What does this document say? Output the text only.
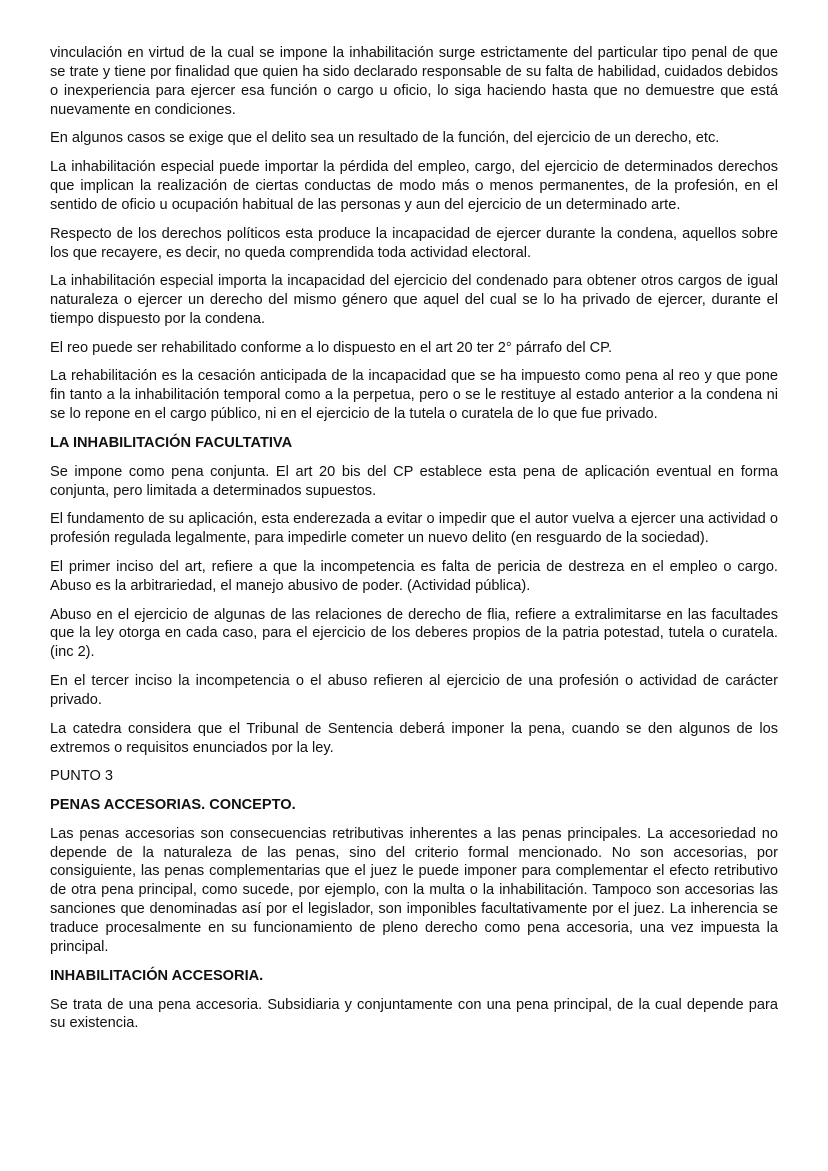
vinculación en virtud de la cual se impone la inhabilitación surge estrictamente del particular tipo penal de que se trate y tiene por finalidad que quien ha sido declarado responsable de su falta de habilidad, cuidados debidos o inexperiencia para ejercer esa función o cargo u oficio, lo siga haciendo hasta que no demuestre que está nuevamente en condiciones.

En algunos casos se exige que el delito sea un resultado de la función, del ejercicio de un derecho, etc.

La inhabilitación especial puede importar la pérdida del empleo, cargo, del ejercicio de determinados derechos que implican la realización de ciertas conductas de modo más o menos permanentes, de la profesión, en el sentido de oficio u ocupación habitual de las personas y aun del ejercicio de un determinado arte.

Respecto de los derechos políticos esta produce la incapacidad de ejercer durante la condena, aquellos sobre los que recayere, es decir, no queda comprendida toda actividad electoral.

La inhabilitación especial importa la incapacidad del ejercicio del condenado para obtener otros cargos de igual naturaleza o ejercer un derecho del mismo género que aquel del cual se lo ha privado de ejercer, durante el tiempo dispuesto por la condena.

El reo puede ser rehabilitado conforme a lo dispuesto en el art 20 ter 2° párrafo del CP.

La rehabilitación es la cesación anticipada de la incapacidad que se ha impuesto como pena al reo y que pone fin tanto a la inhabilitación temporal como a la perpetua, pero o se le restituye al estado anterior a la condena ni se lo repone en el cargo público, ni en el ejercicio de la tutela o curatela de lo que fue privado.

LA INHABILITACIÓN FACULTATIVA

Se impone como pena conjunta. El art 20 bis del CP establece esta pena de aplicación eventual en forma conjunta, pero limitada a determinados supuestos.

El fundamento de su aplicación, esta enderezada a evitar o impedir que el autor vuelva a ejercer una actividad o profesión regulada legalmente, para impedirle cometer un nuevo delito (en resguardo de la sociedad).

El primer inciso del art, refiere a que la incompetencia es falta de pericia de destreza en el empleo o cargo. Abuso es la arbitrariedad, el manejo abusivo de poder. (Actividad pública).

Abuso en el ejercicio de algunas de las relaciones de derecho de flia, refiere a extralimitarse en las facultades que la ley otorga en cada caso, para el ejercicio de los deberes propios de la patria potestad, tutela o curatela. (inc 2).

En el tercer inciso la incompetencia o el abuso refieren al ejercicio de una profesión o actividad de carácter privado.

La catedra considera que el Tribunal de Sentencia deberá imponer la pena, cuando se den algunos de los extremos o requisitos enunciados por la ley.

PUNTO 3

PENAS ACCESORIAS. CONCEPTO.

Las penas accesorias son consecuencias retributivas inherentes a las penas principales. La accesoriedad no depende de la naturaleza de las penas, sino del criterio formal mencionado. No son accesorias, por consiguiente, las penas complementarias que el juez le puede imponer para complementar el efecto retributivo de otra pena principal, como sucede, por ejemplo, con la multa o la inhabilitación. Tampoco son accesorias las sanciones que denominadas así por el legislador, son imponibles facultativamente por el juez. La inherencia se traduce procesalmente en su funcionamiento de pleno derecho como pena accesoria, una vez impuesta la principal.

INHABILITACIÓN ACCESORIA.

Se trata de una pena accesoria. Subsidiaria y conjuntamente con una pena principal, de la cual depende para su existencia.
